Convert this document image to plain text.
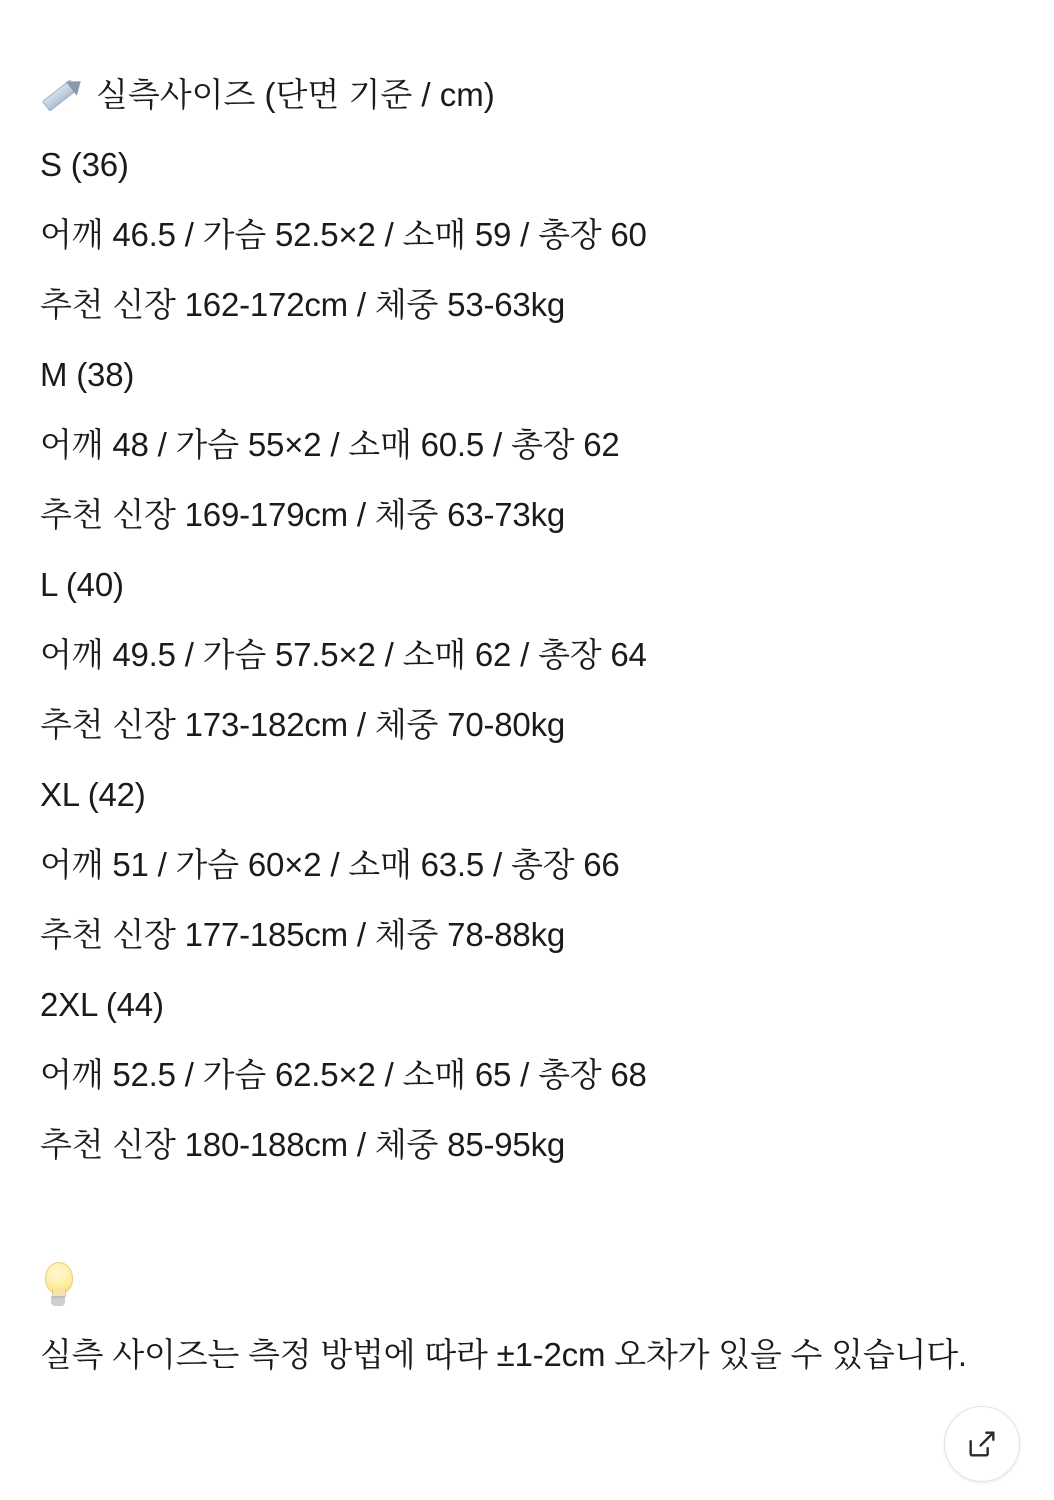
실측사이즈 (단면 기준 / cm)
S (36)
어깨 46.5 / 가슴 52.5×2 / 소매 59 / 총장 60
추천 신장 162-172cm / 체중 53-63kg
M (38)
어깨 48 / 가슴 55×2 / 소매 60.5 / 총장 62
추천 신장 169-179cm / 체중 63-73kg
L (40)
어깨 49.5 / 가슴 57.5×2 / 소매 62 / 총장 64
추천 신장 173-182cm / 체중 70-80kg
XL (42)
어깨 51 / 가슴 60×2 / 소매 63.5 / 총장 66
추천 신장 177-185cm / 체중 78-88kg
2XL (44)
어깨 52.5 / 가슴 62.5×2 / 소매 65 / 총장 68
추천 신장 180-188cm / 체중 85-95kg
실측 사이즈는 측정 방법에 따라 ±1-2cm 오차가 있을 수 있습니다.
